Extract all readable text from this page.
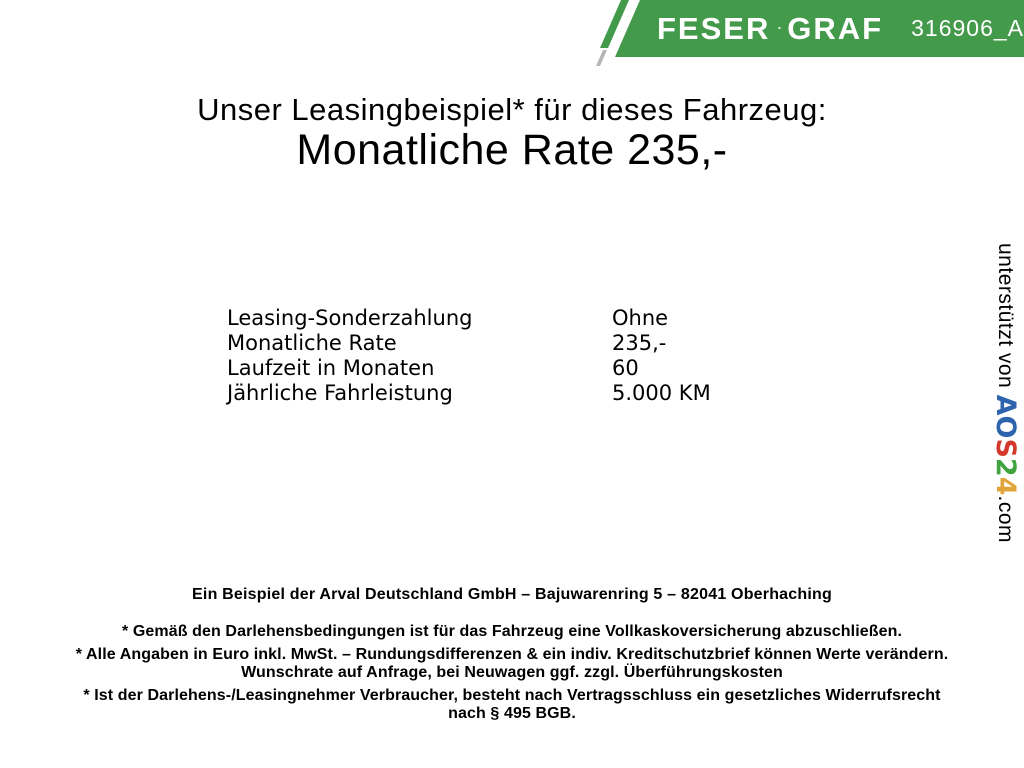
FESER GRAF 316906_A
Unser Leasingbeispiel* für dieses Fahrzeug:
Monatliche Rate 235,-
Leasing-Sonderzahlung	Ohne
Monatliche Rate	235,-
Laufzeit in Monaten	60
Jährliche Fahrleistung	5.000 KM	unterstützt von AOS24.com
Ein Beispiel der Arval Deutschland GmbH – Bajuwarenring 5 – 82041 Oberhaching

* Gemäß den Darlehensbedingungen ist für das Fahrzeug eine Vollkaskoversicherung abzuschließen.

* Alle Angaben in Euro inkl. MwSt. – Rundungsdifferenzen & ein indiv. Kreditschutzbrief können Werte verändern.
Wunschrate auf Anfrage, bei Neuwagen ggf. zzgl. Überführungskosten

* Ist der Darlehens-/Leasingnehmer Verbraucher, besteht nach Vertragsschluss ein gesetzliches Widerrufsrecht
nach § 495 BGB.
